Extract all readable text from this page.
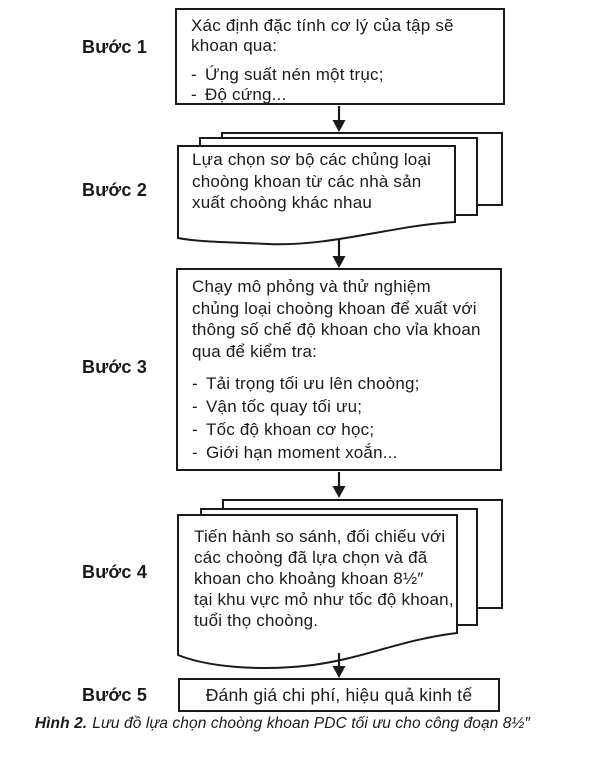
Bước 1
Bước 2
Bước 3
Bước 4
Bước 5
Xác định đặc tính cơ lý của tập sẽ
khoan qua:
- Ứng suất nén một trục;
- Độ cứng...
Lựa chọn sơ bộ các chủng loại
choòng khoan từ các nhà sản
xuất choòng khác nhau
Chạy mô phỏng và thử nghiệm
chủng loại choòng khoan để xuất với
thông số chế độ khoan cho vỉa khoan
qua để kiểm tra:
- Tải trọng tối ưu lên choòng;
- Vận tốc quay tối ưu;
- Tốc độ khoan cơ học;
- Giới hạn moment xoắn...
Tiến hành so sánh, đối chiếu với
các choòng đã lựa chọn và đã
khoan cho khoảng khoan 8½″
tại khu vực mỏ như tốc độ khoan,
tuổi thọ choòng.
Đánh giá chi phí, hiệu quả kinh tế
Hình 2. Lưu đồ lựa chọn choòng khoan PDC tối ưu cho công đoạn 8½″
